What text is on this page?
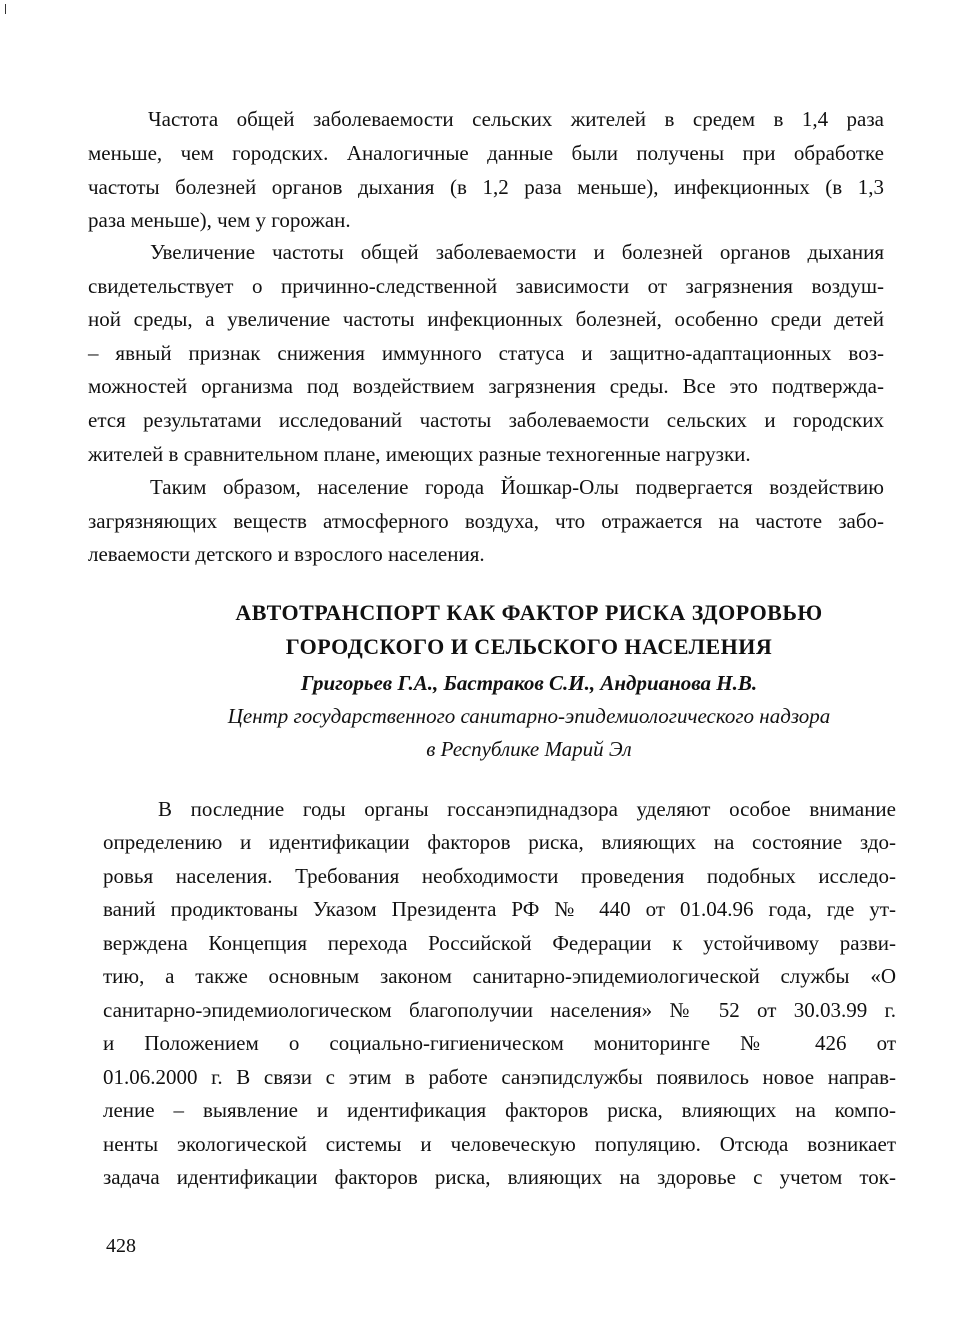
Частота общей заболеваемости сельских жителей в средем в 1,4 раза

меньше, чем городских. Аналогичные данные были получены при обработке

частоты болезней органов дыхания (в 1,2 раза меньше), инфекционных (в 1,3

раза меньше), чем у горожан.

Увеличение частоты общей заболеваемости и болезней органов дыхания

свидетельствует о причинно-следственной зависимости от загрязнения воздуш-

ной среды, а увеличение частоты инфекционных болезней, особенно среди детей

– явный признак снижения иммунного статуса и защитно-адаптационных воз-

можностей организма под воздействием загрязнения среды. Все это подтвержда-

ется результатами исследований частоты заболеваемости сельских и городских

жителей в сравнительном плане, имеющих разные техногенные нагрузки.

Таким образом, население города Йошкар-Олы подвергается воздействию

загрязняющих веществ атмосферного воздуха, что отражается на частоте забо-

леваемости детского и взрослого населения.

АВТОТРАНСПОРТ КАК ФАКТОР РИСКА ЗДОРОВЬЮ
ГОРОДСКОГО И СЕЛЬСКОГО НАСЕЛЕНИЯ
Григорьев Г.А., Бастраков С.И., Андрианова Н.В.
Центр государственного санитарно-эпидемиологического надзора
в Республике Марий Эл

В последние годы органы госсанэпиднадзора уделяют особое внимание

определению и идентификации факторов риска, влияющих на состояние здо-

ровья населения. Требования необходимости проведения подобных исследо-

ваний продиктованы Указом Президента РФ № 440 от 01.04.96 года, где ут-

верждена Концепция перехода Российской Федерации к устойчивому разви-

тию, а также основным законом санитарно-эпидемиологической службы «О

санитарно-эпидемиологическом благополучии населения» № 52 от 30.03.99 г.

и Положением о социально-гигиеническом мониторинге № 426 от

01.06.2000 г. В связи с этим в работе санэпидслужбы появилось новое направ-

ление – выявление и идентификация факторов риска, влияющих на компо-

ненты экологической системы и человеческую популяцию. Отсюда возникает

задача идентификации факторов риска, влияющих на здоровье с учетом ток-

428
